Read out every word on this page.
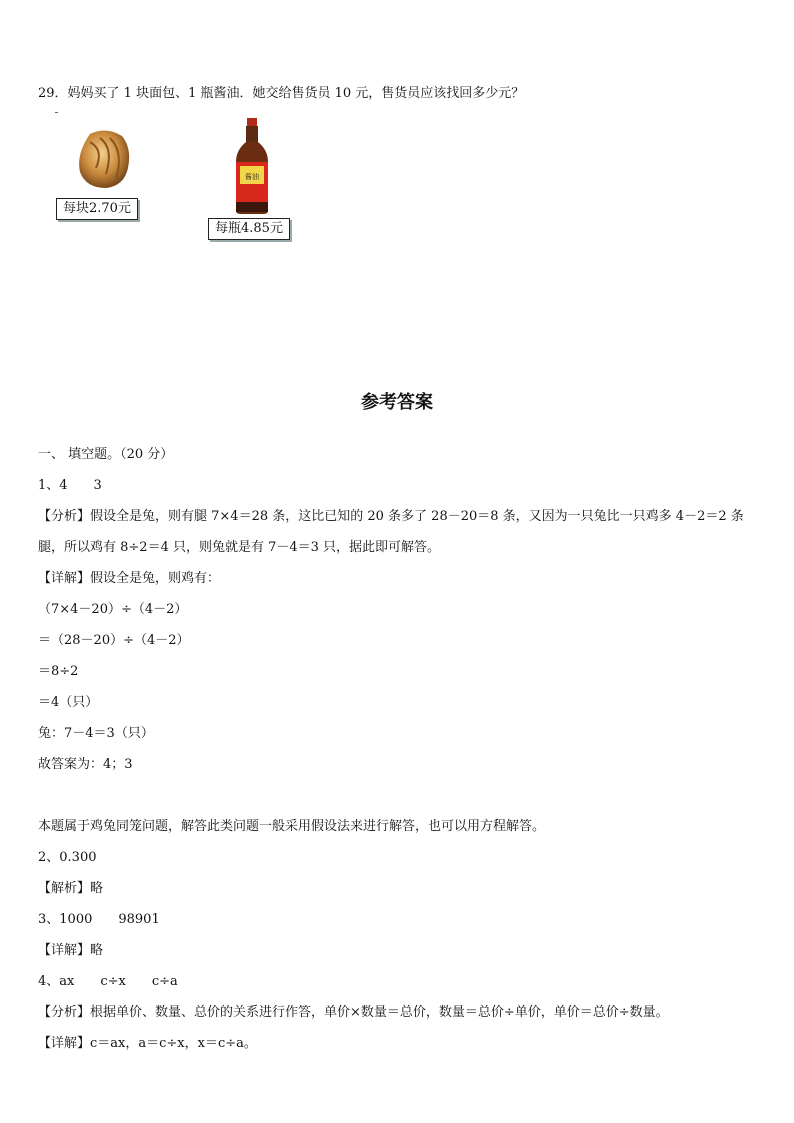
29．妈妈买了 1 块面包、1 瓶酱油．她交给售货员 10 元，售货员应该找回多少元？
每块2.70元
酱油
每瓶4.85元
参考答案
一、 填空题。（20 分）
1、4 3
【分析】假设全是兔，则有腿 7×4＝28 条，这比已知的 20 条多了 28－20＝8 条，又因为一只兔比一只鸡多 4－2＝2 条
腿，所以鸡有 8÷2＝4 只，则兔就是有 7－4＝3 只，据此即可解答。
【详解】假设全是兔，则鸡有：
（7×4－20）÷（4－2）
＝（28－20）÷（4－2）
＝8÷2
＝4（只）
兔：7－4＝3（只）
故答案为：4；3
本题属于鸡兔同笼问题，解答此类问题一般采用假设法来进行解答，也可以用方程解答。
2、0.300
【解析】略
3、1000 98901
【详解】略
4、ax c÷x c÷a
【分析】根据单价、数量、总价的关系进行作答，单价×数量＝总价，数量＝总价÷单价，单价＝总价÷数量。
【详解】c＝ax，a＝c÷x，x＝c÷a。
